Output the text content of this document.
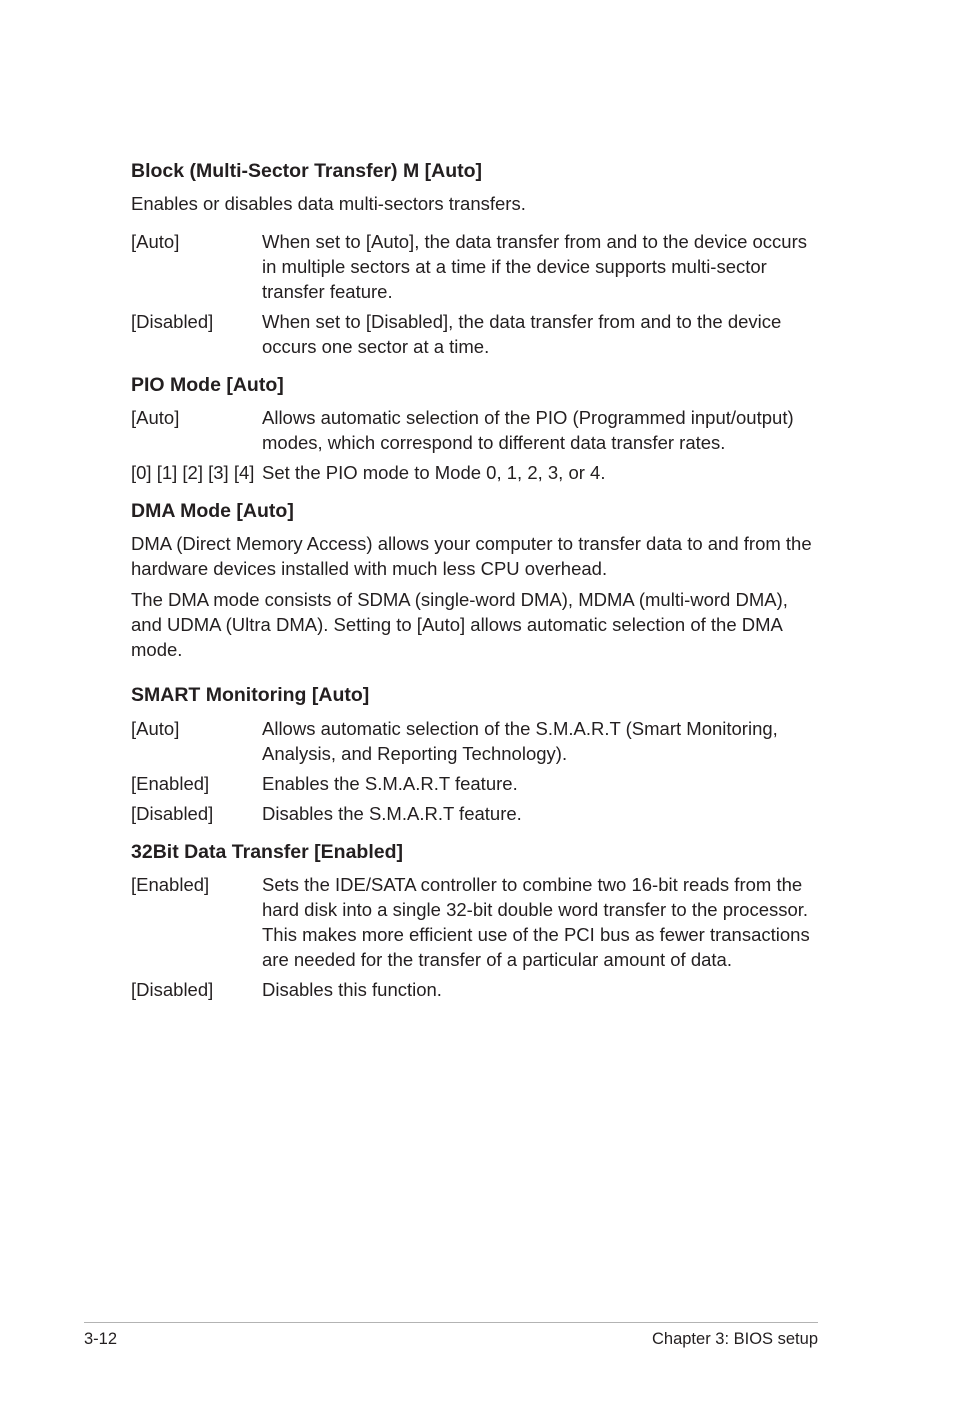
Block (Multi-Sector Transfer) M [Auto]

Enables or disables data multi-sectors transfers.

[Auto]	When set to [Auto], the data transfer from and to the device occurs in multiple sectors at a time if the device supports multi-sector transfer feature.
[Disabled]	When set to [Disabled], the data transfer from and to the device occurs one sector at a time.
PIO Mode [Auto]
[Auto]	Allows automatic selection of the PIO (Programmed input/output) modes, which correspond to different data transfer rates.
[0] [1] [2] [3] [4] Set the PIO mode to Mode 0, 1, 2, 3, or 4.
DMA Mode [Auto]

DMA (Direct Memory Access) allows your computer to transfer data to and from the hardware devices installed with much less CPU overhead.

The DMA mode consists of SDMA (single-word DMA), MDMA (multi-word DMA), and UDMA (Ultra DMA). Setting to [Auto] allows automatic selection of the DMA mode.

SMART Monitoring [Auto]
[Auto]	Allows automatic selection of the S.M.A.R.T (Smart Monitoring, Analysis, and Reporting Technology).
[Enabled]	Enables the S.M.A.R.T feature.
[Disabled]	Disables the S.M.A.R.T feature.
32Bit Data Transfer [Enabled]
[Enabled]	Sets the IDE/SATA controller to combine two 16-bit reads from the hard disk into a single 32-bit double word transfer to the processor. This makes more efficient use of the PCI bus as fewer transactions are needed for the transfer of a particular amount of data.
[Disabled]	Disables this function.
3-12	Chapter 3: BIOS setup
